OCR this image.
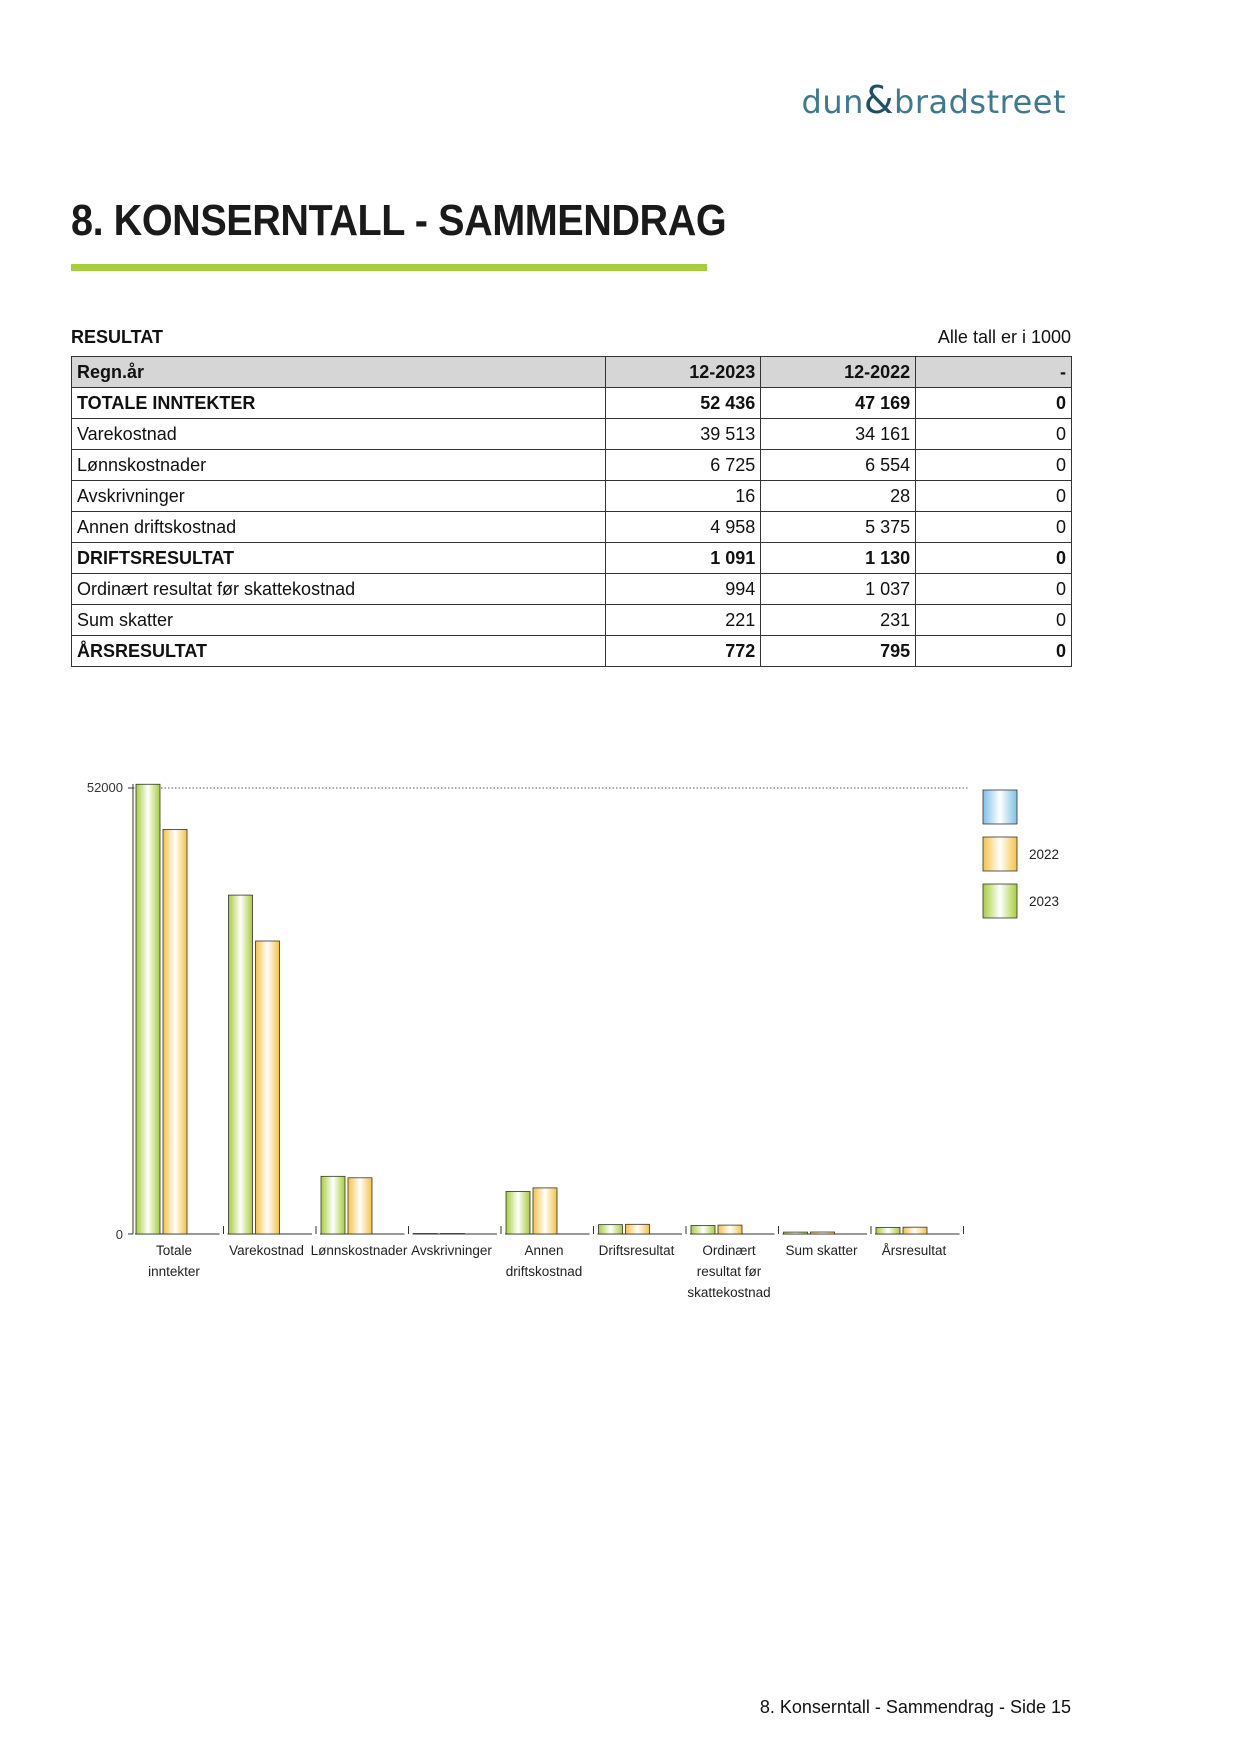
dun&bradstreet
8. KONSERNTALL - SAMMENDRAG
RESULTAT	Alle tall er i 1000
Regn.år	12-2023	12-2022	-
TOTALE INNTEKTER	52 436	47 169	0
Varekostnad	39 513	34 161	0
Lønnskostnader	6 725	6 554	0
Avskrivninger	16	28	0
Annen driftskostnad	4 958	5 375	0
DRIFTSRESULTAT	1 091	1 130	0
Ordinært resultat før skattekostnad	994	1 037	0
Sum skatter	221	231	0
ÅRSRESULTAT	772	795	0
52000
0
Totale
inntekter
Varekostnad Lønnskostnader Avskrivninger Annen
driftskostnad
Driftsresultat Ordinært
resultat før
skattekostnad
Sum skatter Årsresultat
2022
2023
8. Konserntall - Sammendrag - Side 15
